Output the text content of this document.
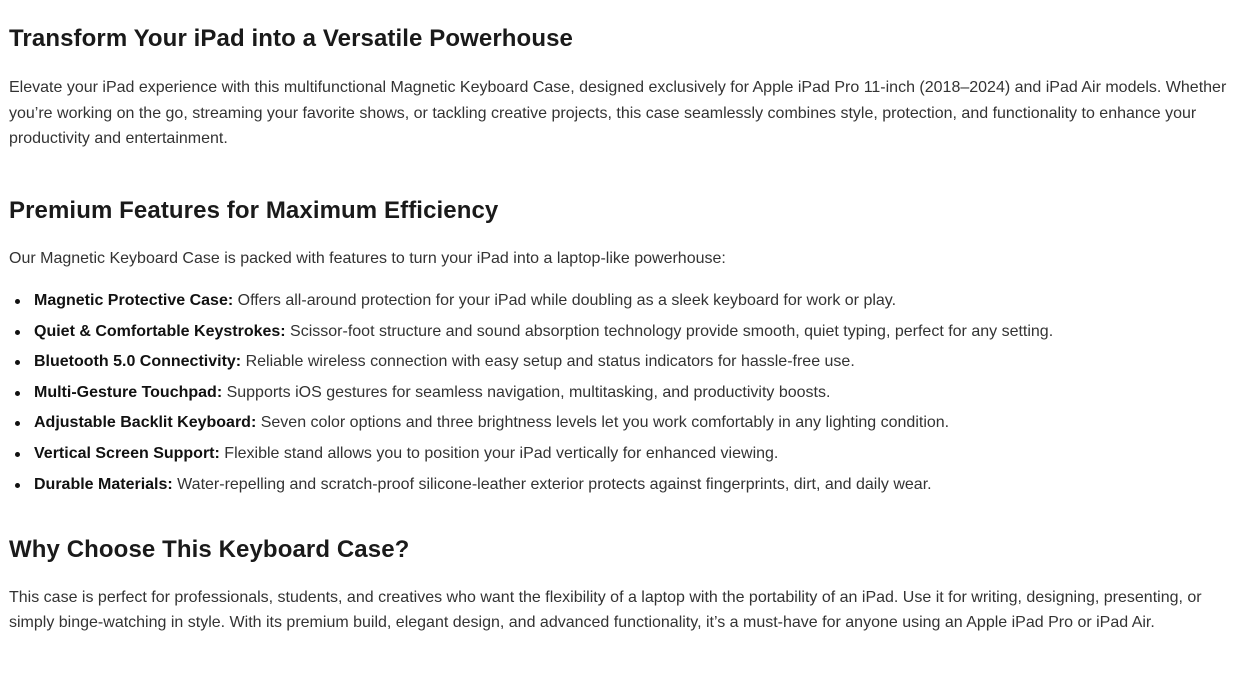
Transform Your iPad into a Versatile Powerhouse

Elevate your iPad experience with this multifunctional Magnetic Keyboard Case, designed exclusively for Apple iPad Pro 11-inch (2018–2024) and iPad Air models. Whether you’re working on the go, streaming your favorite shows, or tackling creative projects, this case seamlessly combines style, protection, and functionality to enhance your productivity and entertainment.

Premium Features for Maximum Efficiency

Our Magnetic Keyboard Case is packed with features to turn your iPad into a laptop-like powerhouse:

Magnetic Protective Case: Offers all-around protection for your iPad while doubling as a sleek keyboard for work or play.
Quiet & Comfortable Keystrokes: Scissor-foot structure and sound absorption technology provide smooth, quiet typing, perfect for any setting.
Bluetooth 5.0 Connectivity: Reliable wireless connection with easy setup and status indicators for hassle-free use.
Multi-Gesture Touchpad: Supports iOS gestures for seamless navigation, multitasking, and productivity boosts.
Adjustable Backlit Keyboard: Seven color options and three brightness levels let you work comfortably in any lighting condition.
Vertical Screen Support: Flexible stand allows you to position your iPad vertically for enhanced viewing.
Durable Materials: Water-repelling and scratch-proof silicone-leather exterior protects against fingerprints, dirt, and daily wear.
Why Choose This Keyboard Case?

This case is perfect for professionals, students, and creatives who want the flexibility of a laptop with the portability of an iPad. Use it for writing, designing, presenting, or simply binge-watching in style. With its premium build, elegant design, and advanced functionality, it’s a must-have for anyone using an Apple iPad Pro or iPad Air.
